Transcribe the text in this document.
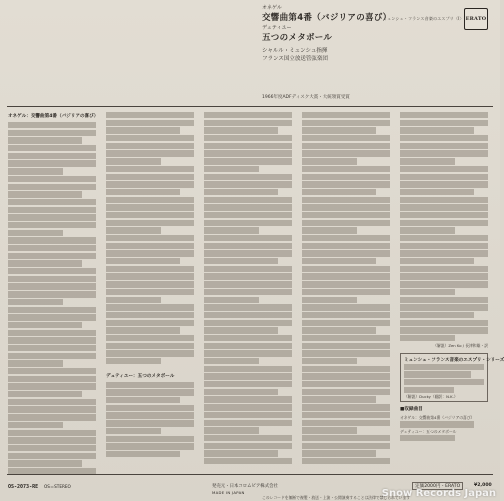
オネゲル
交響曲第4番（バジリアの喜び）
デュティユー
五つのメタボール
シャルル・ミュンシュ指揮
フランス国立放送管弦楽団
1966年度ADFディスク大賞・大統領賞受賞
ミュンシュ・フランス音楽のエスプリ〈Ⅰ〉 ERATO
オネゲル：交響曲第4番（バジリアの喜び）
デュティユー：五つのメタボール
（解説）Zen Ko / 長津和雄・訳
ミュンシュ・フランス音楽のエスプリ・シリーズ
（解説）Ducky（翻訳：N.K.）
■収録曲目
オネゲル：交響曲第4番（バジリアの喜び）
デュティユー：五つのメタボール
OS-2073-RE OS＝STEREO	発売元・日本コロムビア株式会社
MADE IN JAPAN
定価2000円・ERATO	¥2,000
このレコードを無断で複製・放送・上演・公開演奏することは法律で禁じられています
Snow Records Japan
